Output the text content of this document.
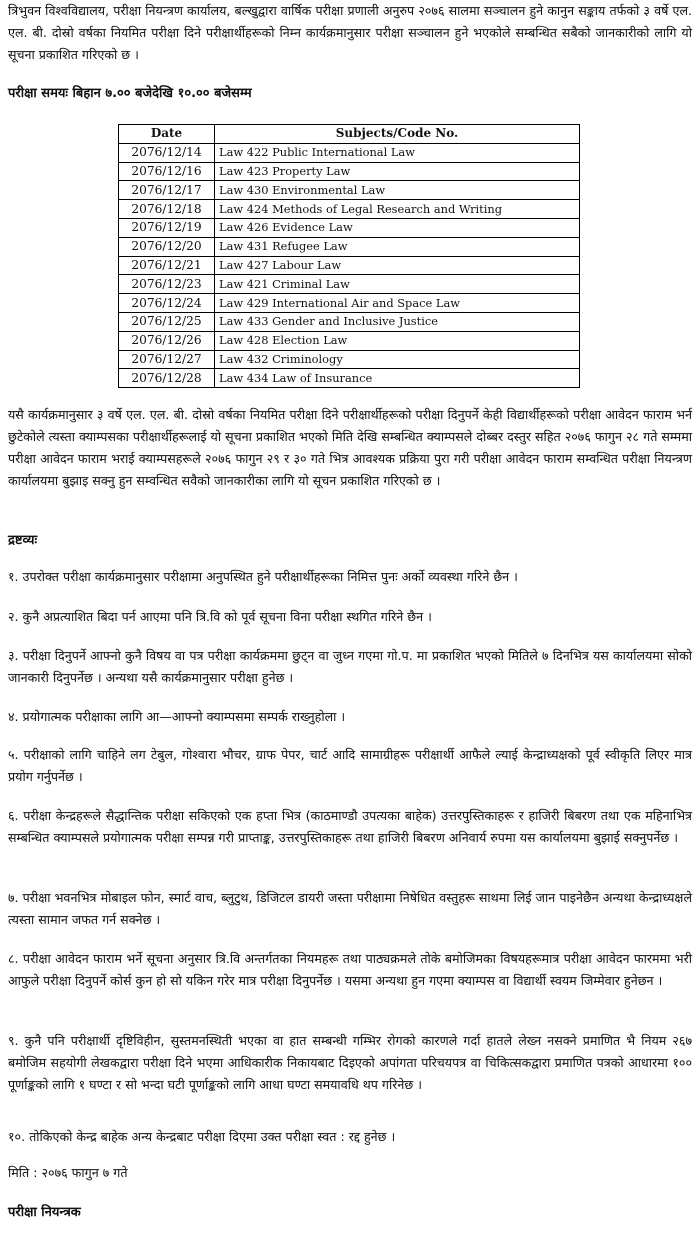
त्रिभुवन विश्वविद्यालय, परीक्षा नियन्त्रण कार्यालय, बल्खुद्वारा वार्षिक परीक्षा प्रणाली अनुरुप २०७६ सालमा सञ्चालन हुने कानुन सङ्काय तर्फको ३ वर्षे एल. एल. बी. दोस्रो वर्षका नियमित परीक्षा दिने परीक्षार्थीहरूको निम्न कार्यक्रमानुसार परीक्षा सञ्चालन हुने भएकोले सम्बन्धित सबैको जानकारीको लागि यो सूचना प्रकाशित गरिएको छ ।

परीक्षा समयः बिहान ७.०० बजेदेखि १०.०० बजेसम्म

Date	Subjects/Code No.
2076/12/14	Law 422 Public International Law
2076/12/16	Law 423 Property Law
2076/12/17	Law 430 Environmental Law
2076/12/18	Law 424 Methods of Legal Research and Writing
2076/12/19	Law 426 Evidence Law
2076/12/20	Law 431 Refugee Law
2076/12/21	Law 427 Labour Law
2076/12/23	Law 421 Criminal Law
2076/12/24	Law 429 International Air and Space Law
2076/12/25	Law 433 Gender and Inclusive Justice
2076/12/26	Law 428 Election Law
2076/12/27	Law 432 Criminology
2076/12/28	Law 434 Law of Insurance

यसै कार्यक्रमानुसार ३ वर्षे एल. एल. बी. दोस्रो वर्षका नियमित परीक्षा दिने परीक्षार्थीहरूको परीक्षा दिनुपर्ने केही विद्यार्थीहरूको परीक्षा आवेदन फाराम भर्न छुटेकोले त्यस्ता क्याम्पसका परीक्षार्थीहरूलाई यो सूचना प्रकाशित भएको मिति देखि सम्बन्धित क्याम्पसले दोब्बर दस्तुर सहित २०७६ फागुन २८ गते सम्ममा परीक्षा आवेदन फाराम भराई क्याम्पसहरूले २०७६ फागुन २९ र ३० गते भित्र आवश्यक प्रक्रिया पुरा गरी परीक्षा आवेदन फाराम सम्वन्धित परीक्षा नियन्त्रण कार्यालयमा बुझाइ सक्नु हुन सम्वन्धित सवैको जानकारीका लागि यो सूचन प्रकाशित गरिएको छ ।

द्रष्टव्यः

१. उपरोक्त परीक्षा कार्यक्रमानुसार परीक्षामा अनुपस्थित हुने परीक्षार्थीहरूका निमित्त पुनः अर्को व्यवस्था गरिने छैन ।

२. कुनै अप्रत्याशित बिदा पर्न आएमा पनि त्रि.वि को पूर्व सूचना विना परीक्षा स्थगित गरिने छैन ।

३. परीक्षा दिनुपर्ने आफ्नो कुनै विषय वा पत्र परीक्षा कार्यक्रममा छुट्न वा जुध्न गएमा गो.प. मा प्रकाशित भएको मितिले ७ दिनभित्र यस कार्यालयमा सोको जानकारी दिनुपर्नेछ । अन्यथा यसै कार्यक्रमानुसार परीक्षा हुनेछ ।

४. प्रयोगात्मक परीक्षाका लागि आ—आफ्नो क्याम्पसमा सम्पर्क राख्नुहोला ।

५. परीक्षाको लागि चाहिने लग टेबुल, गोश्वारा भौचर, ग्राफ पेपर, चार्ट आदि सामाग्रीहरू परीक्षार्थी आफैले ल्याई केन्द्राध्यक्षको पूर्व स्वीकृति लिएर मात्र प्रयोग गर्नुपर्नेछ ।

६. परीक्षा केन्द्रहरूले सैद्धान्तिक परीक्षा सकिएको एक हप्ता भित्र (काठमाण्डौ उपत्यका बाहेक) उत्तरपुस्तिकाहरू र हाजिरी बिबरण तथा एक महिनाभित्र सम्बन्धित क्याम्पसले प्रयोगात्मक परीक्षा सम्पन्न गरी प्राप्ताङ्क, उत्तरपुस्तिकाहरू तथा हाजिरी बिबरण अनिवार्य रुपमा यस कार्यालयमा बुझाई सक्नुपर्नेछ ।

७. परीक्षा भवनभित्र मोबाइल फोन, स्मार्ट वाच, ब्लुटुथ, डिजिटल डायरी जस्ता परीक्षामा निषेधित वस्तुहरू साथमा लिई जान पाइनेछैन अन्यथा केन्द्राध्यक्षले त्यस्ता सामान जफत गर्न सक्नेछ ।

८. परीक्षा आवेदन फाराम भर्ने सूचना अनुसार त्रि.वि अन्तर्गतका नियमहरू तथा पाठ्यक्रमले तोके बमोजिमका विषयहरूमात्र परीक्षा आवेदन फारममा भरी आफुले परीक्षा दिनुपर्ने कोर्स कुन हो सो यकिन गरेर मात्र परीक्षा दिनुपर्नेछ । यसमा अन्यथा हुन गएमा क्याम्पस वा विद्यार्थी स्वयम जिम्मेवार हुनेछन ।

९. कुनै पनि परीक्षार्थी दृष्टिविहीन, सुस्तमनस्थिती भएका वा हात सम्बन्धी गम्भिर रोगको कारणले गर्दा हातले लेख्न नसक्ने प्रमाणित भै नियम २६७ बमोजिम सहयोगी लेखकद्वारा परीक्षा दिने भएमा आधिकारीक निकायबाट दिइएको अपांगता परिचयपत्र वा चिकित्सकद्वारा प्रमाणित पत्रको आधारमा १०० पूर्णाङ्कको लागि १ घण्टा र सो भन्दा घटी पूर्णाङ्कको लागि आधा घण्टा समयावधि थप गरिनेछ ।

१०. तोकिएको केन्द्र बाहेक अन्य केन्द्रबाट परीक्षा दिएमा उक्त परीक्षा स्वत : रद्द हुनेछ ।

मिति : २०७६ फागुन ७ गते

परीक्षा नियन्त्रक
